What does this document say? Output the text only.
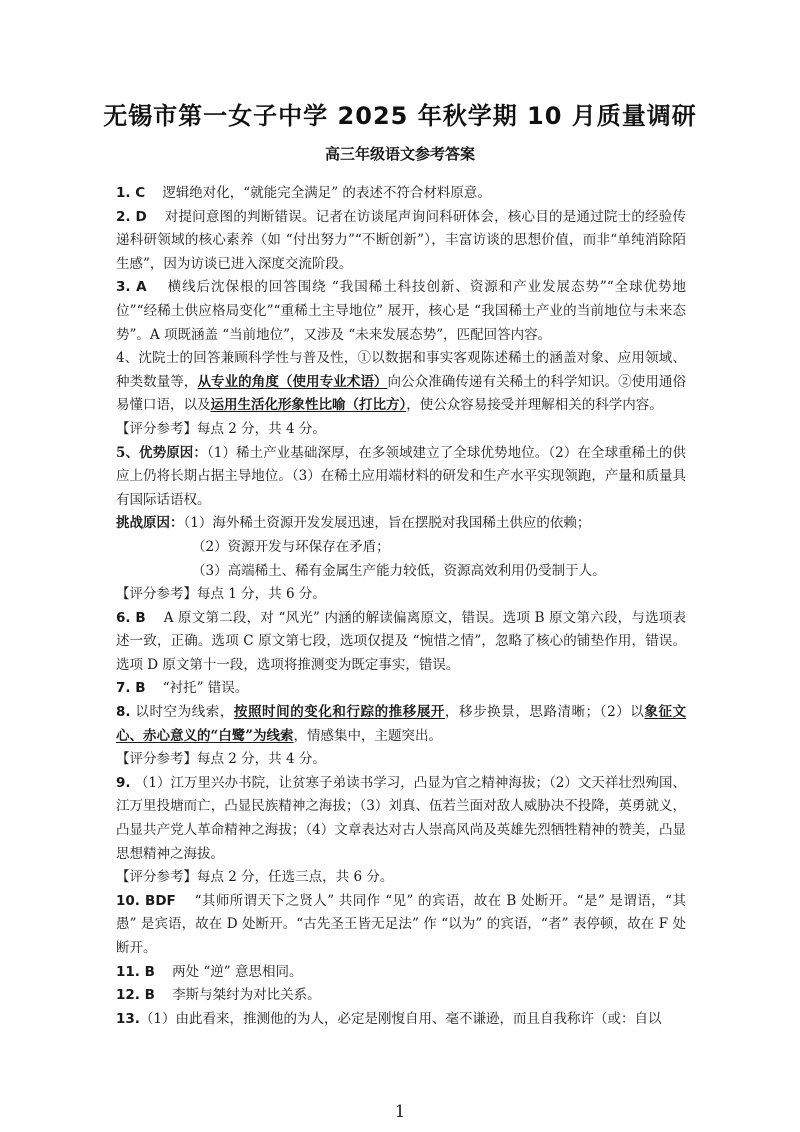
无锡市第一女子中学 2025 年秋学期 10 月质量调研
高三年级语文参考答案

1. C 逻辑绝对化，“就能完全满足” 的表述不符合材料原意。

2. D 对提问意图的判断错误。记者在访谈尾声询问科研体会，核心目的是通过院士的经验传递科研领域的核心素养（如 “付出努力”“不断创新”），丰富访谈的思想价值，而非“单纯消除陌生感”，因为访谈已进入深度交流阶段。

3. A 横线后沈保根的回答围绕 “我国稀土科技创新、资源和产业发展态势”“全球优势地位”“经稀土供应格局变化”“重稀土主导地位” 展开，核心是 “我国稀土产业的当前地位与未来态势”。A 项既涵盖 “当前地位”，又涉及 “未来发展态势”，匹配回答内容。

4、沈院士的回答兼顾科学性与普及性，①以数据和事实客观陈述稀土的涵盖对象、应用领域、种类数量等，从专业的角度（使用专业术语）向公众准确传递有关稀土的科学知识。②使用通俗易懂口语，以及运用生活化形象性比喻（打比方），使公众容易接受并理解相关的科学内容。

【评分参考】每点 2 分，共 4 分。

5、优势原因：（1）稀土产业基础深厚，在多领域建立了全球优势地位。（2）在全球重稀土的供应上仍将长期占据主导地位。（3）在稀土应用端材料的研发和生产水平实现领跑，产量和质量具有国际话语权。

挑战原因：（1）海外稀土资源开发发展迅速，旨在摆脱对我国稀土供应的依赖；

（2）资源开发与环保存在矛盾；

（3）高端稀土、稀有金属生产能力较低，资源高效利用仍受制于人。

【评分参考】每点 1 分，共 6 分。

6. B A 原文第二段，对 “风光” 内涵的解读偏离原文，错误。选项 B 原文第六段，与选项表述一致，正确。选项 C 原文第七段，选项仅提及 “惋惜之情”，忽略了核心的铺垫作用，错误。选项 D 原文第十一段，选项将推测变为既定事实，错误。

7. B “衬托” 错误。

8. 以时空为线索，按照时间的变化和行踪的推移展开，移步换景，思路清晰；（2）以象征文心、赤心意义的“白鹭”为线索，情感集中，主题突出。

【评分参考】每点 2 分，共 4 分。

9. （1）江万里兴办书院，让贫寒子弟读书学习，凸显为官之精神海拔；（2）文天祥壮烈殉国、江万里投塘而亡，凸显民族精神之海拔；（3）刘真、伍若兰面对敌人威胁决不投降，英勇就义，凸显共产党人革命精神之海拔；（4）文章表达对古人崇高风尚及英雄先烈牺牲精神的赞美，凸显思想精神之海拔。

【评分参考】每点 2 分，任选三点，共 6 分。

10. BDF “其师所谓天下之贤人” 共同作 “见” 的宾语，故在 B 处断开。“是” 是谓语，“其愚” 是宾语，故在 D 处断开。“古先圣王皆无足法” 作 “以为” 的宾语，“者” 表停顿，故在 F 处断开。

11. B 两处 “逆” 意思相同。

12. B 李斯与桀纣为对比关系。

13.（1）由此看来，推测他的为人，必定是刚愎自用、毫不谦逊，而且自我称许（或：自以

1
